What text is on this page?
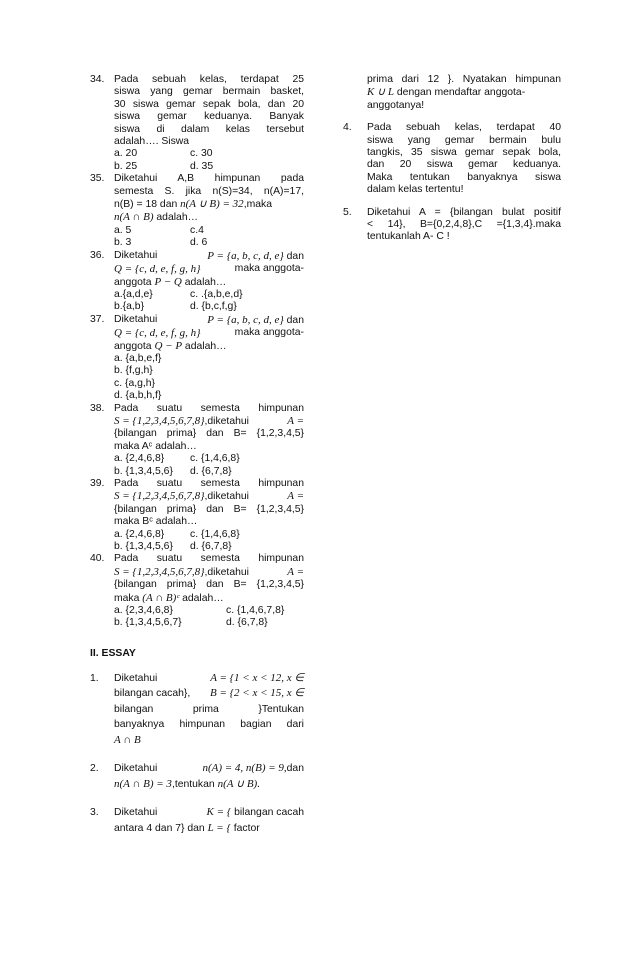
34. Pada sebuah kelas, terdapat 25
siswa yang gemar bermain basket,
30 siswa gemar sepak bola, dan 20
siswa gemar keduanya. Banyak
siswa di dalam kelas tersebut
adalah…. Siswa
a. 20	c. 30
b. 25	d. 35
35. Diketahui A,B himpunan pada
semesta S. jika n(S)=34, n(A)=17,
n(B) = 18 dan n(A ∪ B) = 32,maka
n(A ∩ B) adalah…
a. 5	c.4
b. 3	d. 6
36. Diketahui	P = {a, b, c, d, e} dan
Q = {c, d, e, f, g, h}	maka anggota-
anggota P − Q adalah…
a.{a,d,e}	c. .{a,b,e,d}
b.{a,b}	d. {b,c,f,g}
37. Diketahui	P = {a, b, c, d, e} dan
Q = {c, d, e, f, g, h}	maka anggota-
anggota Q − P adalah…
a. {a,b,e,f}
b. {f,g,h}
c. {a,g,h}
d. {a,b,h,f}
38. Pada suatu semesta himpunan
S = {1,2,3,4,5,6,7,8},diketahui	A =
{bilangan prima} dan B= {1,2,3,4,5}
maka Aᶜ adalah…
a. {2,4,6,8}	c. {1,4,6,8}
b. {1,3,4,5,6}	d. {6,7,8}
39. Pada suatu semesta himpunan
S = {1,2,3,4,5,6,7,8},diketahui	A =
{bilangan prima} dan B= {1,2,3,4,5}
maka Bᶜ adalah…
a. {2,4,6,8}	c. {1,4,6,8}
b. {1,3,4,5,6}	d. {6,7,8}
40. Pada suatu semesta himpunan
S = {1,2,3,4,5,6,7,8},diketahui	A =
{bilangan prima} dan B= {1,2,3,4,5}
maka (A ∩ B)ᶜ adalah…
a. {2,3,4,6,8}	c. {1,4,6,7,8}
b. {1,3,4,5,6,7}	d. {6,7,8}
II. ESSAY
1. Diketahui	A = {1 < x < 12, x ∈
bilangan cacah}, B = {2 < x < 15, x ∈
bilangan prima }Tentukan
banyaknya himpunan bagian dari
A ∩ B
2. Diketahui	n(A) = 4, n(B) = 9,dan
n(A ∩ B) = 3,tentukan n(A ∪ B).
3. Diketahui	K = { bilangan cacah
antara 4 dan 7} dan L = { factor
prima dari 12 }. Nyatakan himpunan
K ∪ L dengan mendaftar anggota-
anggotanya!
4. Pada sebuah kelas, terdapat 40
siswa yang gemar bermain bulu
tangkis, 35 siswa gemar sepak bola,
dan 20 siswa gemar keduanya.
Maka tentukan banyaknya siswa
dalam kelas tertentu!
5. Diketahui A = {bilangan bulat positif
< 14}, B={0,2,4,8},C ={1,3,4}.maka
tentukanlah A- C !
